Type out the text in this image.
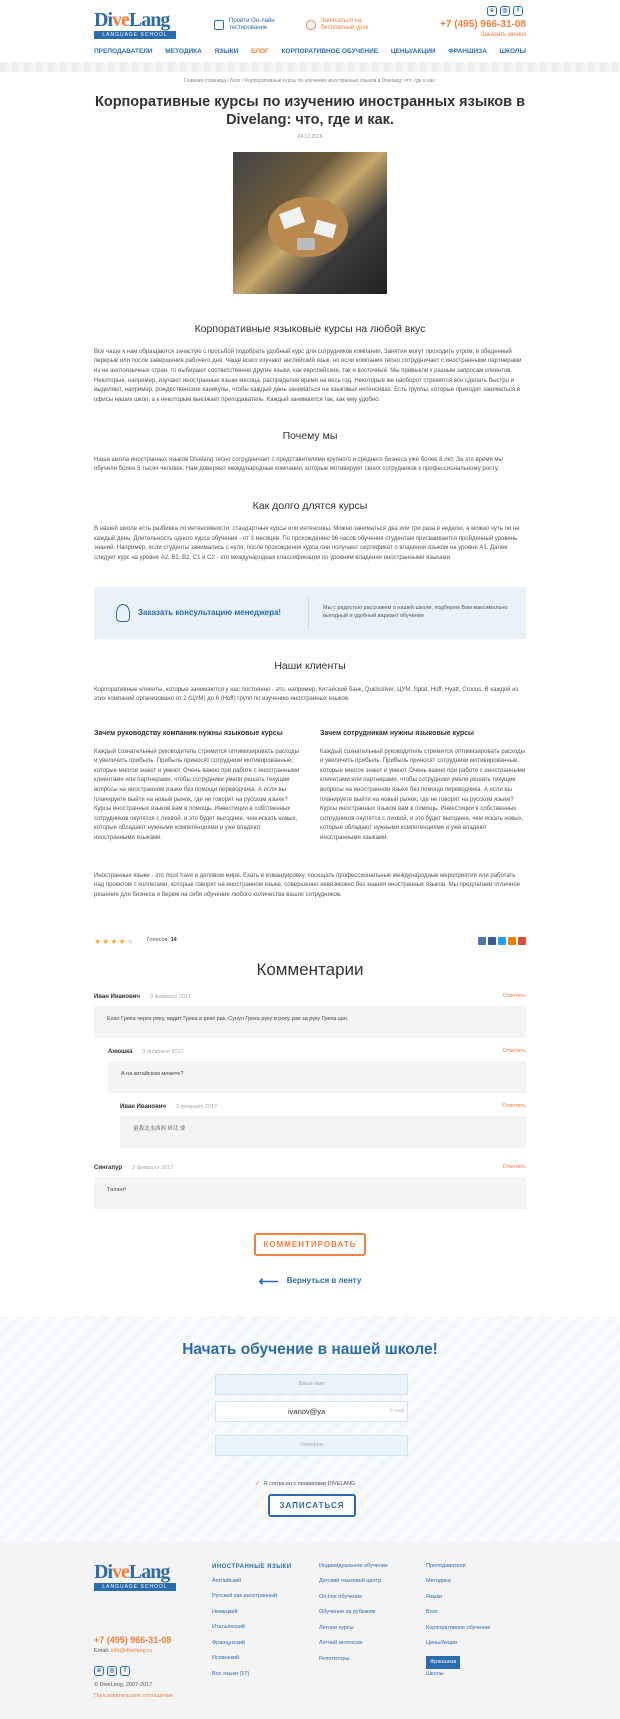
DiveLang
LANGUAGE SCHOOL
Пройти Он-лайн тестирование
Записаться на бесплатный урок
в	◎	f
+7 (495) 966-31-08
Заказать звонок
ПРЕПОДАВАТЕЛИ МЕТОДИКА ЯЗЫКИ БЛОГ КОРПОРАТИВНОЕ ОБУЧЕНИЕ ЦЕНЫ/АКЦИИ ФРАНШИЗА ШКОЛЫ
Главная страница / Блог / Корпоративные курсы по изучению иностранных языков в Divelang: что, где и как.
Корпоративные курсы по изучению иностранных языков в Divelang: что, где и как.
24.12.2016
Корпоративные языковые курсы на любой вкус

Все чаще к нам обращаются зачастую с просьбой подобрать удобный курс для сотрудников компании. Занятия могут проходить утром, в обеденный перерыв или после завершения рабочего дня. Чаще всего изучают английский язык, но если компания тесно сотрудничает с иностранными партнерами из не англоязычных стран, то выбирают соответственно другие языки, как европейские, так и восточные. Мы привыкли к разным запросам клиентов. Некоторые, например, изучают иностранные языки месяца, распределяя время на весь год. Некоторые же наоборот стремятся все сделать быстро и выделяют, например, рождественские каникулы, чтобы каждый день заниматься на языковых интенсивах. Есть группы, которые приходят заниматься в офисы наших школ, а к некоторым выезжает преподаватель. Каждый занимается так, как ему удобно.

Почему мы

Наша школа иностранных языков Divelang тесно сотрудничает с представителями крупного и среднего бизнеса уже более 8 лет. За это время мы обучили более 5 тысяч человек. Нам доверяют международные компании, которые мотивируют своих сотрудников к профессиональному росту.

Как долго длятся курсы

В нашей школе есть разбивка по интенсивности: стандартные курсы или интенсивы. Можно заниматься два или три раза в неделю, а можно чуть ли не каждый день. Длительность одного курса обучения - от 3 месяцев. По прохождению 96 часов обучения студентам присваивается пройденный уровень знаний. Например, если студенты занимались с нуля, после прохождения курса они получают сертификат о владении языком на уровне А1. Далее следует курс на уровне А2, В1, В2, С1 и С2 - это международная классификация по уровням владения иностранными языками.

Заказать консультацию менеджера!
Мы с радостью расскажем о нашей школе, подберем Вам максимально выгодный и удобный вариант обучения
Наши клиенты

Корпоративные клиенты, которые занимаются у нас постоянно - это, например, Китайский банк, Quicksilver, ЦУМ, Splat, Hoff, Hyatt, Crocus. В каждой из этих компаний организовано от 2 (ЦУМ) до 6 (Hoff) групп по изучению иностранных языков.

Зачем руководству компании нужны языковые курсы

Каждый сознательный руководитель стремится оптимизировать расходы и увеличить прибыль. Прибыль приносят сотрудники мотивированные, которые многое знают и умеют. Очень важно при работе с иностранными клиентами или партнерами, чтобы сотрудники умели решать текущие вопросы на иностранном языке без помощи переводчика. А если вы планируете выйти на новый рынок, где не говорят на русском языке? Курсы иностранных языков вам в помощь. Инвестиции в собственных сотрудников окупятся с лихвой, и это будет выгоднее, чем искать новых, которые обладают нужными компетенциями и уже владеют иностранными языками.

Зачем сотрудникам нужны языковые курсы

Каждый сознательный руководитель стремится оптимизировать расходы и увеличить прибыль. Прибыль приносят сотрудники мотивированные, которые многое знают и умеют. Очень важно при работе с иностранными клиентами или партнерами, чтобы сотрудники умели решать текущие вопросы на иностранном языке без помощи переводчика. А если вы планируете выйти на новый рынок, где не говорят на русском языке? Курсы иностранных языков вам в помощь. Инвестиции в собственных сотрудников окупятся с лихвой, и это будет выгоднее, чем искать новых, которые обладают нужными компетенциями и уже владеют иностранными языками.

Иностранные языки - это must have в деловом мире. Ехать в командировку, посещать профессиональные международные мероприятия или работать над проектом с коллегами, которые говорят на иностранном языке, совершенно невозможно без знания иностранных языков. Мы предлагаем отличное решение для бизнеса и берем на себя обучение любого количества ваших сотрудников.

★★★★★ Голосов: 14
Комментарии
Иван Иванович 3 февраля 2017	Ответить
Ехал Грека через реку, видит Грека в реке рак. Сунул Грека руку в реку, рак за руку Грека цап.
Анюшка 3 февраля 2017	Ответить
А на китайском можете?
Иван Иванович 3 февраля 2017	Ответить
量我北水西西 碎汰 要
Сингапур 3 февраля 2017	Ответить
Талант!
КОММЕНТИРОВАТЬ
⟵ Вернуться в ленту
Начать обучение в нашей школе!
Ваше имя
ivanov@ya	E-mail
Телефон
✓ Я согласен с правилами DIVELANG
ЗАПИСАТЬСЯ
DiveLang
LANGUAGE SCHOOL
+7 (495) 966-31-08
Email: info@divelang.ru
в	◎	f
© DiveLang, 2007-2017
Пользовательское соглашение
ИНОСТРАННЫЕ ЯЗЫКИ
Английский
Русский как иностранный
Немецкий
Итальянский
Французский
Испанский
Все языки (17)
Индивидуальное обучение
Детский языковой центр
On-line обучение
Обучение за рубежом
Летние курсы
Летний интенсив
Репетиторы
Преподаватели
Методика
Языки
Блог
Корпоративное обучение
Цены/Акции
Франшиза
Школы
